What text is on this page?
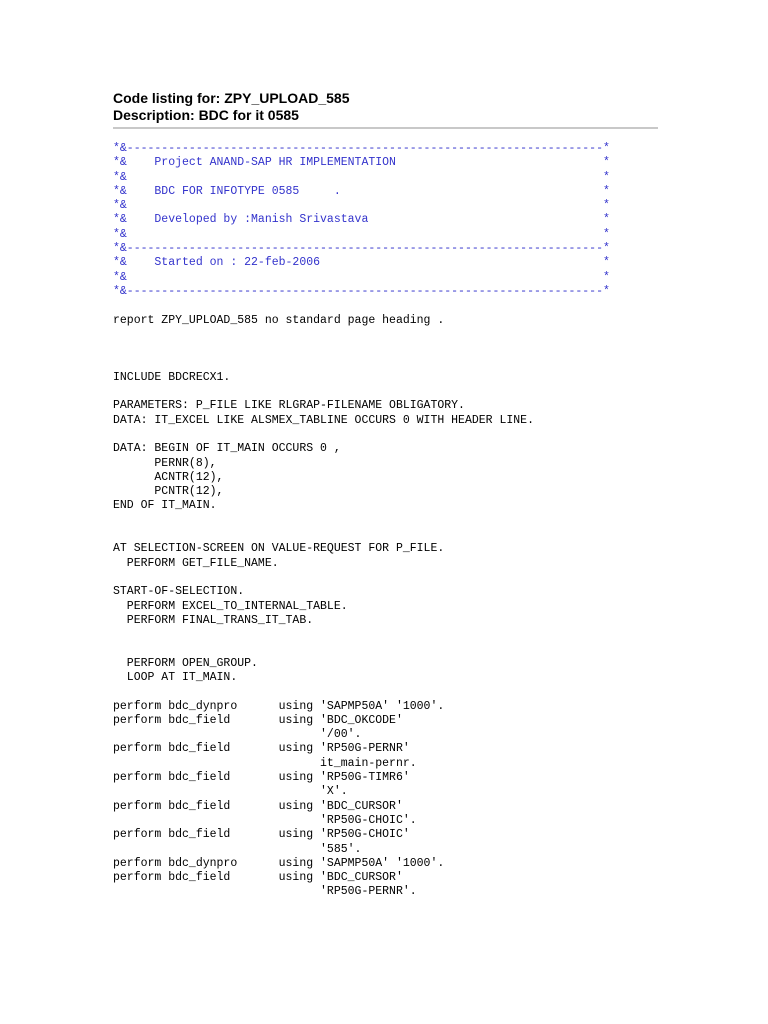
Code listing for: ZPY_UPLOAD_585
Description: BDC for it 0585
*&---------------------------------------------------------------------*
*&    Project ANAND-SAP HR IMPLEMENTATION                              *
*&                                                                     *
*&    BDC FOR INFOTYPE 0585     .                                      *
*&                                                                     *
*&    Developed by :Manish Srivastava                                  *
*&                                                                     *
*&---------------------------------------------------------------------*
*&    Started on : 22-feb-2006                                         *
*&                                                                     *
*&---------------------------------------------------------------------*
report ZPY_UPLOAD_585 no standard page heading .
INCLUDE BDCRECX1.
PARAMETERS: P_FILE LIKE RLGRAP-FILENAME OBLIGATORY.
DATA: IT_EXCEL LIKE ALSMEX_TABLINE OCCURS 0 WITH HEADER LINE.
DATA: BEGIN OF IT_MAIN OCCURS 0 ,
PERNR(8),
ACNTR(12),
PCNTR(12),
END OF IT_MAIN.
AT SELECTION-SCREEN ON VALUE-REQUEST FOR P_FILE.
PERFORM GET_FILE_NAME.
START-OF-SELECTION.
PERFORM EXCEL_TO_INTERNAL_TABLE.
PERFORM FINAL_TRANS_IT_TAB.
PERFORM OPEN_GROUP.
LOOP AT IT_MAIN.
perform bdc_dynpro      using 'SAPMP50A' '1000'.
perform bdc_field       using 'BDC_OKCODE'
'/00'.
perform bdc_field       using 'RP50G-PERNR'
it_main-pernr.
perform bdc_field       using 'RP50G-TIMR6'
'X'.
perform bdc_field       using 'BDC_CURSOR'
'RP50G-CHOIC'.
perform bdc_field       using 'RP50G-CHOIC'
'585'.
perform bdc_dynpro      using 'SAPMP50A' '1000'.
perform bdc_field       using 'BDC_CURSOR'
'RP50G-PERNR'.
